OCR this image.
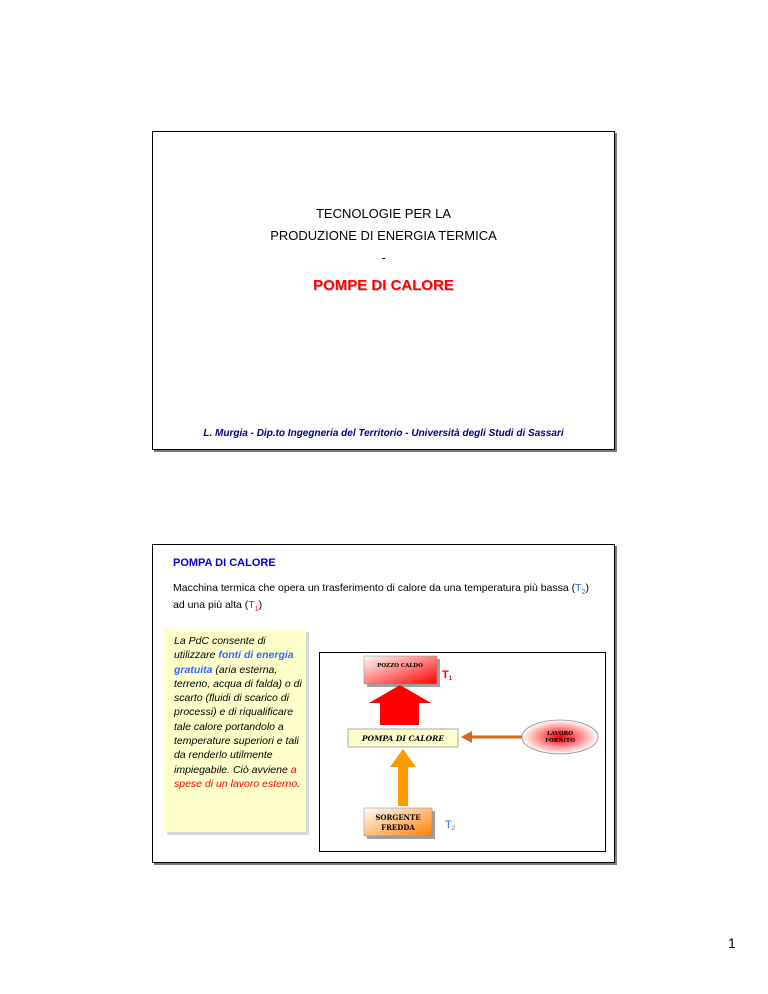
TECNOLOGIE PER LA
PRODUZIONE DI ENERGIA TERMICA
-
POMPE DI CALORE
L. Murgia - Dip.to Ingegneria del Territorio - Università degli Studi di Sassari
POMPA DI CALORE
Macchina termica che opera un trasferimento di calore da una temperatura più bassa $(T_2)$ ad una più alta $(T_1)$
La PdC consente di utilizzare fonti di energia gratuita (aria esterna, terreno, acqua di falda) o di scarto (fluidi di scarico di processi) e di riqualificare tale calore portandolo a temperature superiori e tali da renderlo utilmente impiegabile. Ciò avviene a spese di un lavoro esterno.
POZZO CALDO
POMPA DI CALORE	LAVORO
FORNITO
SORGENTE
FREDDA
T1
T2
1
